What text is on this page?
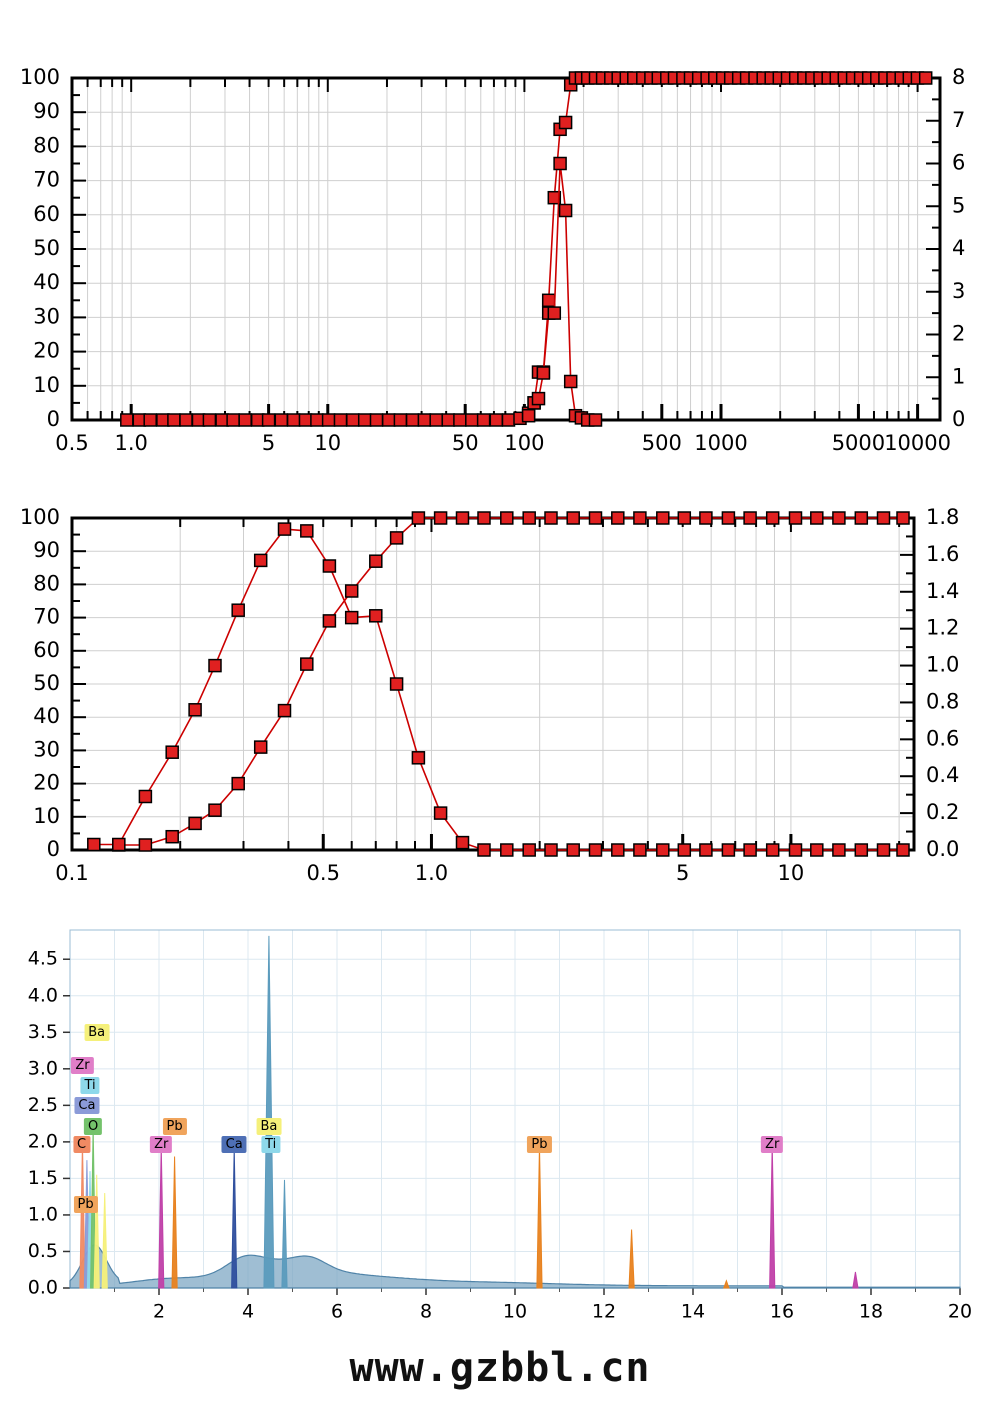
0.5 1.0	5 10	50 100	500 1000	5000 10000
0
10
20
30
40
50
60
70
80
90
100
0
1
2
3
4
5
6
7
8
0.1	0.5	1.0	5	10
0
10
20
30
40
50
60
70
80
90
100
0.0
0.2
0.4
0.6
0.8
1.0
1.2
1.4
1.6
1.8
2	4	6	8	10	12	14	16	18	20
0.0
0.5
1.0
1.5
2.0
2.5
3.0
3.5
4.0
4.5
Ba
Zr
Ti
Ca
O
C
Pb
Zr
Pb
Ca
Ba
Ti	Pb	Zr
www.gzbbl.cn
